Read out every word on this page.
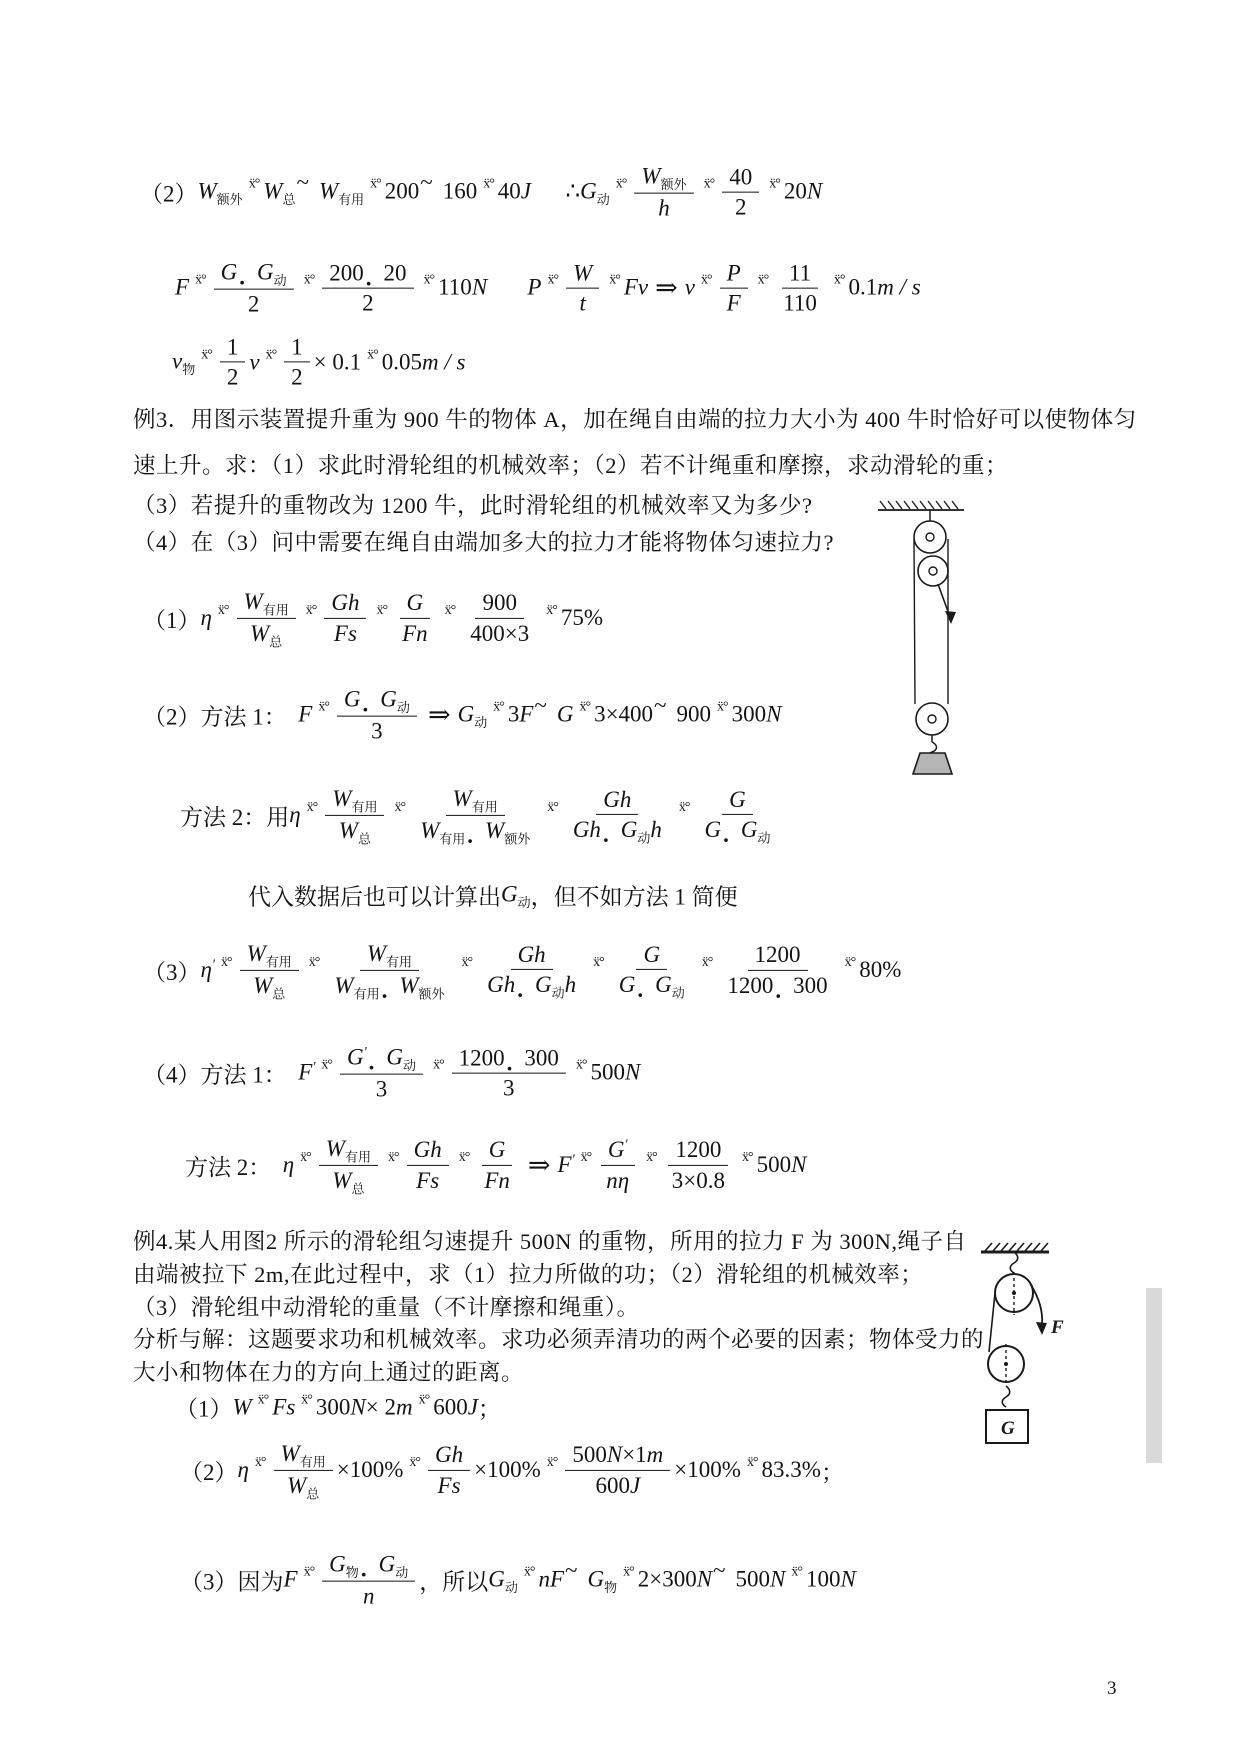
（2） $W_{额外}$
ẍ° $W_总$
~ $W_{有用}$
ẍ° 200 ~ 160 ẍ° 40 J ∴ $G_动$
ẍ° $\frac{W_{额外}}{h}$ ẍ° $\frac{40}{2}$ ẍ° 20 N
F ẍ° $\frac{G . G_动}{2}$ ẍ° $\frac{200 . 20}{2}$ ẍ° 110 N
P ẍ° $\frac{W}{t}$ ẍ° Fv ⇒ v ẍ° $\frac{P}{F}$ ẍ° $\frac{11}{110}$ ẍ° 0.1 m / s
$v_物$
ẍ° $\frac{1}{2}$ v ẍ° $\frac{1}{2} \times 0.1$ ẍ° 0.05 m / s
例3．用图示装置提升重为 900 牛的物体 A，加在绳自由端的拉力大小为 400 牛时恰好可以使物体匀
速上升。求：（1）求此时滑轮组的机械效率；（2）若不计绳重和摩擦，求动滑轮的重；
（3）若提升的重物改为 1200 牛，此时滑轮组的机械效率又为多少?
（4）在（3）问中需要在绳自由端加多大的拉力才能将物体匀速拉力?
（1） η ẍ° $\frac{W_{有用}}{W_总}$ ẍ° $\frac{Gh}{Fs}$ ẍ° $\frac{G}{Fn}$ ẍ° $\frac{900}{400\times 3}$ ẍ° 75%
（2）方法 1： F ẍ° $\frac{G . G_动}{3}$ ⇒ $G_动$
ẍ° 3 F ~ G ẍ° 3×400 ~ 900 ẍ° 300 N
方法 2：用 η ẍ° $\frac{W_{有用}}{W_总}$ ẍ° $\frac{W_{有用}}{W_{有用} . W_{额外}}$ ẍ° $\frac{Gh}{Gh . G_动 h}$ ẍ° $\frac{G}{G . G_动}$
代入数据后也可以计算出 $G_动$ ，但不如方法 1 简便
（3） η′ ẍ° $\frac{W_{有用}}{W_总}$ ẍ° $\frac{W_{有用}}{W_{有用} . W_{额外}}$ ẍ° $\frac{Gh}{Gh . G_动 h}$ ẍ° $\frac{G}{G . G_动}$ ẍ° $\frac{1200}{1200 . 300}$ ẍ° 80%
（4）方法 1： F′ ẍ° $\frac{G' . G_动}{3}$ ẍ° $\frac{1200 . 300}{3}$ ẍ° 500 N
方法 2： η ẍ° $\frac{W_{有用}}{W_总}$ ẍ° $\frac{Gh}{Fs}$ ẍ° $\frac{G}{Fn}$ ⇒ F′ ẍ° $\frac{G'}{n\eta}$ ẍ° $\frac{1200}{3\times 0.8}$ ẍ° 500 N
例4.某人用图2 所示的滑轮组匀速提升 500N 的重物，所用的拉力 F 为 300N,绳子自
由端被拉下 2m,在此过程中，求（1）拉力所做的功；（2）滑轮组的机械效率；
（3）滑轮组中动滑轮的重量（不计摩擦和绳重）。
分析与解：这题要求功和机械效率。求功必须弄清功的两个必要的因素；物体受力的
大小和物体在力的方向上通过的距离。
（1） W ẍ° Fs ẍ° 300 N × 2 m ẍ° 600 J ；
（2） η ẍ° $\frac{W_{有用}}{W_总} \times 100\%$ ẍ° $\frac{Gh}{Fs} \times 100\%$ ẍ° $\frac{500 N \times 1 m}{600 J} \times 100\%$ ẍ° 83.3% ；
（3）因为 F ẍ° $\frac{G_物 . G_动}{n}$ ，所以 $G_动$
ẍ° nF ~ $G_物$
ẍ° 2×300 N ~ 500 N ẍ° 100 N
F
G
3
